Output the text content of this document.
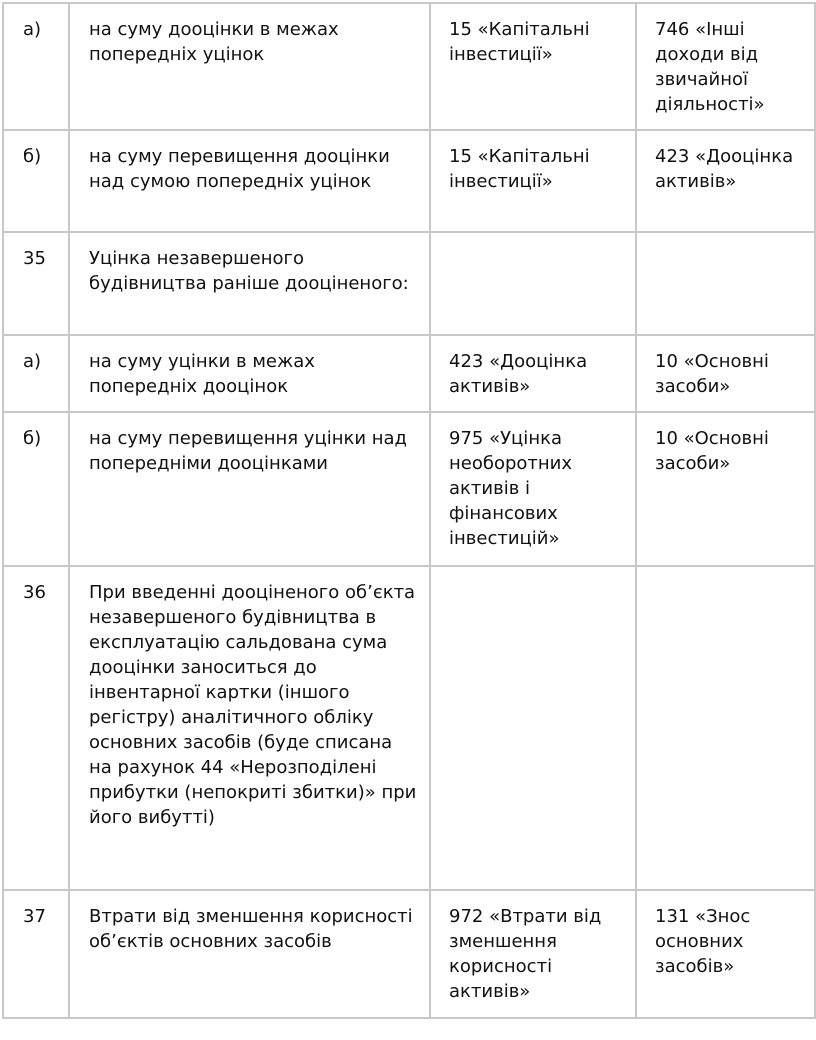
а)	на суму дооцінки в межах попередніх уцінок	15 «Капітальні інвестиції»	746 «Інші доходи від звичайної діяльності»
б)	на суму перевищення дооцінки над сумою попередніх уцінок	15 «Капітальні інвестиції»	423 «Дооцінка активів»
35	Уцінка незавершеного будівництва раніше дооціненого:		
а)	на суму уцінки в межах попередніх дооцінок	423 «Дооцінка активів»	10 «Основні засоби»
б)	на суму перевищення уцінки над попередніми дооцінками	975 «Уцінка необоротних активів і фінансових інвестицій»	10 «Основні засоби»
36	При введенні дооціненого об’єкта незавершеного будівництва в експлуатацію сальдована сума дооцінки заноситься до інвентарної картки (іншого регістру) аналітичного обліку основних засобів (буде списана на рахунок 44 «Нерозподілені прибутки (непокриті збитки)» при його вибутті)		
37	Втрати від зменшення корисності об’єктів основних засобів	972 «Втрати від зменшення корисності активів»	131 «Знос основних засобів»
